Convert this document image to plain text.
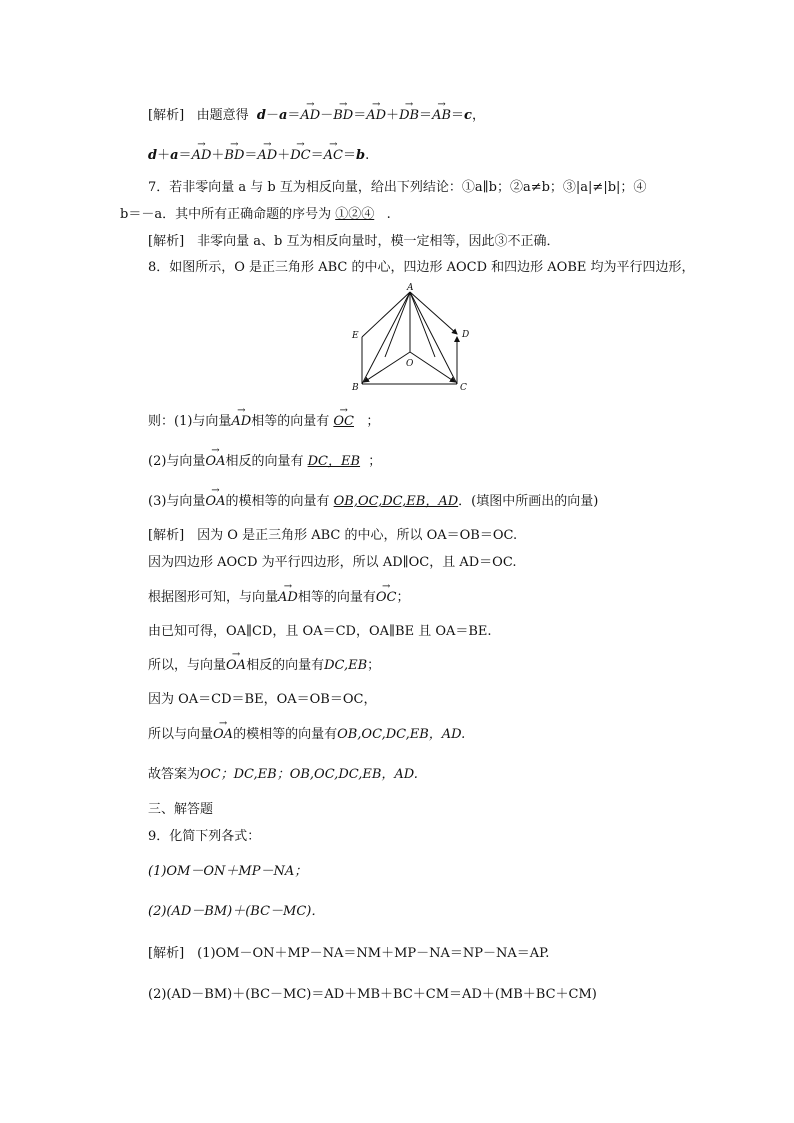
[解析] 由题意得 d－a＝→ AD－→ BD＝→ AD＋→ DB＝→ AB＝c，
d＋a＝→ AD＋→ BD＝→ AD＋→ DC＝→ AC＝b.
7．若非零向量 a 与 b 互为相反向量，给出下列结论：①a∥b；②a≠b；③|a|≠|b|；④
b＝－a．其中所有正确命题的序号为 ①②④   .
[解析]　非零向量 a、b 互为相反向量时，模一定相等，因此③不正确．
8．如图所示，O 是正三角形 ABC 的中心，四边形 AOCD 和四边形 AOBE 均为平行四边形，
A
E	D
O
B	C
则：(1)与向量→ AD相等的向量有 → OC   ；
(2)与向量→ OA相反的向量有 DC，EB  ；
(3)与向量→ OA的模相等的向量有 OB,OC,DC,EB，AD．(填图中所画出的向量)
[解析]　因为 O 是正三角形 ABC 的中心，所以 OA＝OB＝OC.
因为四边形 AOCD 为平行四边形，所以 AD∥OC，且 AD＝OC.
根据图形可知，与向量→ AD相等的向量有→ OC；
由已知可得，OA∥CD，且 OA＝CD，OA∥BE 且 OA＝BE.
所以，与向量→ OA相反的向量有DC,EB；
因为 OA＝CD＝BE，OA＝OB＝OC，
所以与向量→ OA的模相等的向量有OB,OC,DC,EB，AD.
故答案为OC；DC,EB；OB,OC,DC,EB，AD.
三、解答题
9．化简下列各式：
(1)OM－ON＋MP－NA；
(2)(AD－BM)＋(BC－MC)．
[解析]　(1)OM－ON＋MP－NA＝NM＋MP－NA＝NP－NA＝AP.
(2)(AD－BM)＋(BC－MC)＝AD＋MB＋BC＋CM＝AD＋(MB＋BC＋CM)
